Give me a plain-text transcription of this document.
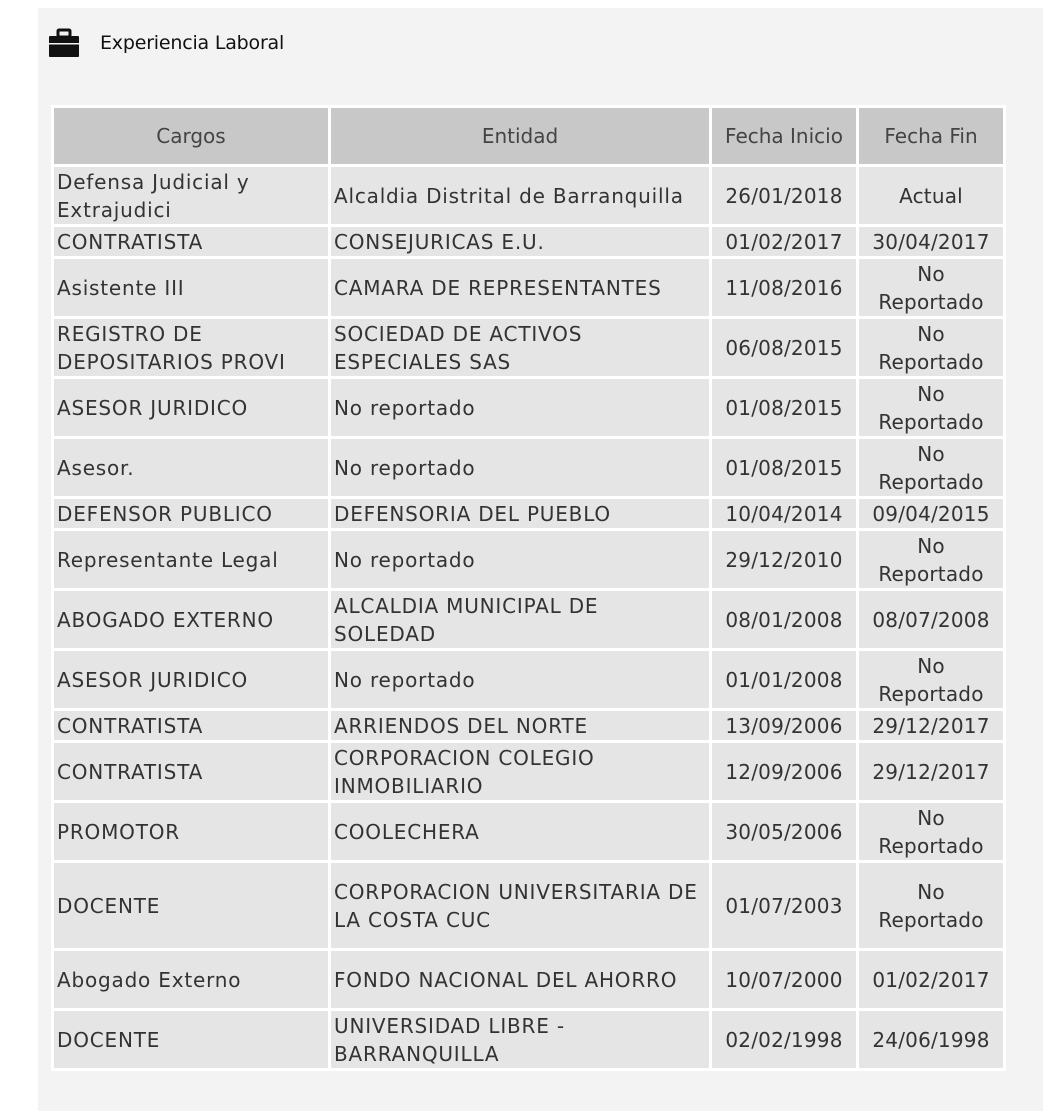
Experiencia Laboral
Cargos	Entidad	Fecha Inicio	Fecha Fin
Defensa Judicial y Extrajudici	Alcaldia Distrital de Barranquilla	26/01/2018	Actual
CONTRATISTA	CONSEJURICAS E.U.	01/02/2017	30/04/2017
Asistente III	CAMARA DE REPRESENTANTES	11/08/2016	No Reportado
REGISTRO DE DEPOSITARIOS PROVI	SOCIEDAD DE ACTIVOS ESPECIALES SAS	06/08/2015	No Reportado
ASESOR JURIDICO	No reportado	01/08/2015	No Reportado
Asesor.	No reportado	01/08/2015	No Reportado
DEFENSOR PUBLICO	DEFENSORIA DEL PUEBLO	10/04/2014	09/04/2015
Representante Legal	No reportado	29/12/2010	No Reportado
ABOGADO EXTERNO	ALCALDIA MUNICIPAL DE SOLEDAD	08/01/2008	08/07/2008
ASESOR JURIDICO	No reportado	01/01/2008	No Reportado
CONTRATISTA	ARRIENDOS DEL NORTE	13/09/2006	29/12/2017
CONTRATISTA	CORPORACION COLEGIO INMOBILIARIO	12/09/2006	29/12/2017
PROMOTOR	COOLECHERA	30/05/2006	No Reportado
DOCENTE	CORPORACION UNIVERSITARIA DE LA COSTA CUC	01/07/2003	No Reportado
Abogado Externo	FONDO NACIONAL DEL AHORRO	10/07/2000	01/02/2017
DOCENTE	UNIVERSIDAD LIBRE - BARRANQUILLA	02/02/1998	24/06/1998
